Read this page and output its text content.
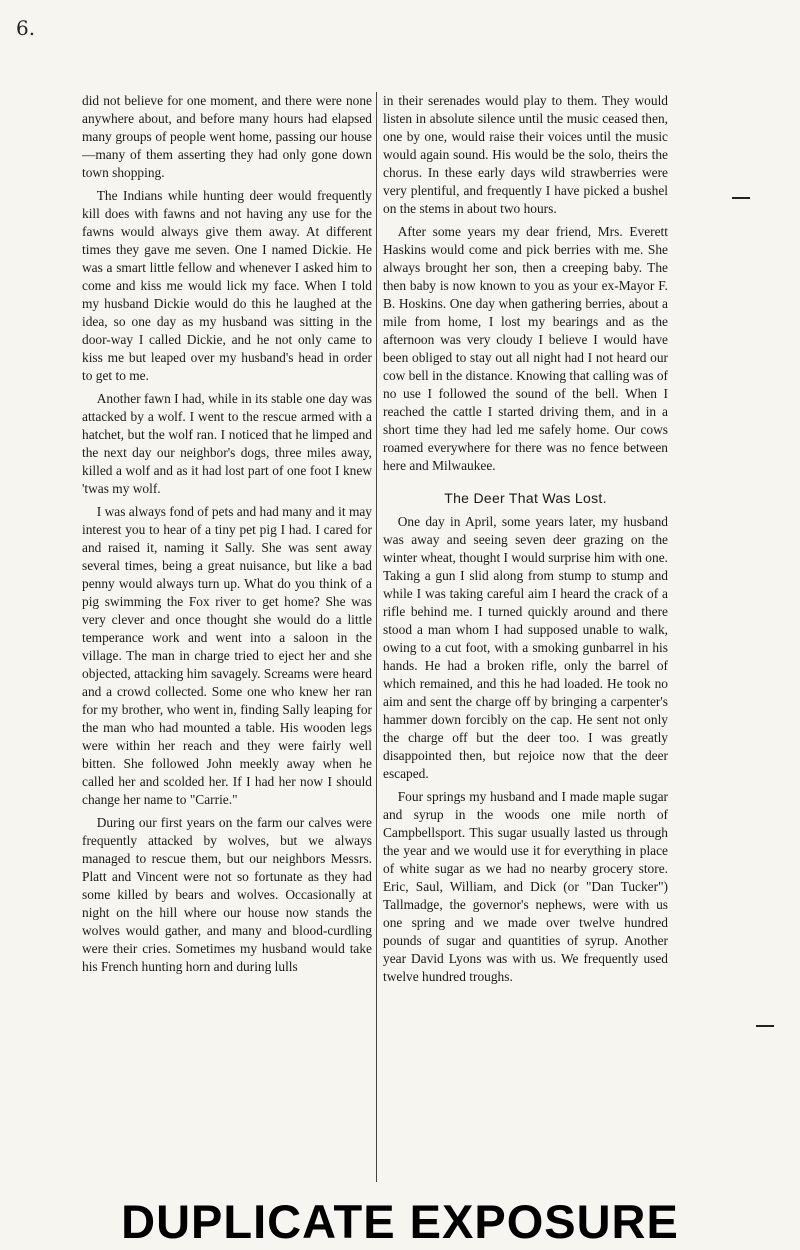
6.

did not believe for one moment, and there were none anywhere about, and before many hours had elapsed many groups of people went home, passing our house—many of them asserting they had only gone down town shopping.

The Indians while hunting deer would frequently kill does with fawns and not having any use for the fawns would always give them away. At different times they gave me seven. One I named Dickie. He was a smart little fellow and whenever I asked him to come and kiss me would lick my face. When I told my husband Dickie would do this he laughed at the idea, so one day as my husband was sitting in the door-way I called Dickie, and he not only came to kiss me but leaped over my husband's head in order to get to me.

Another fawn I had, while in its stable one day was attacked by a wolf. I went to the rescue armed with a hatchet, but the wolf ran. I noticed that he limped and the next day our neighbor's dogs, three miles away, killed a wolf and as it had lost part of one foot I knew 'twas my wolf.

I was always fond of pets and had many and it may interest you to hear of a tiny pet pig I had. I cared for and raised it, naming it Sally. She was sent away several times, being a great nuisance, but like a bad penny would always turn up. What do you think of a pig swimming the Fox river to get home? She was very clever and once thought she would do a little temperance work and went into a saloon in the village. The man in charge tried to eject her and she objected, attacking him savagely. Screams were heard and a crowd collected. Some one who knew her ran for my brother, who went in, finding Sally leaping for the man who had mounted a table. His wooden legs were within her reach and they were fairly well bitten. She followed John meekly away when he called her and scolded her. If I had her now I should change her name to "Carrie."

During our first years on the farm our calves were frequently attacked by wolves, but we always managed to rescue them, but our neighbors Messrs. Platt and Vincent were not so fortunate as they had some killed by bears and wolves. Occasionally at night on the hill where our house now stands the wolves would gather, and many and blood-curdling were their cries. Sometimes my husband would take his French hunting horn and during lulls

in their serenades would play to them. They would listen in absolute silence until the music ceased then, one by one, would raise their voices until the music would again sound. His would be the solo, theirs the chorus. In these early days wild strawberries were very plentiful, and frequently I have picked a bushel on the stems in about two hours.

After some years my dear friend, Mrs. Everett Haskins would come and pick berries with me. She always brought her son, then a creeping baby. The then baby is now known to you as your ex-Mayor F. B. Hoskins. One day when gathering berries, about a mile from home, I lost my bearings and as the afternoon was very cloudy I believe I would have been obliged to stay out all night had I not heard our cow bell in the distance. Knowing that calling was of no use I followed the sound of the bell. When I reached the cattle I started driving them, and in a short time they had led me safely home. Our cows roamed everywhere for there was no fence between here and Milwaukee.

The Deer That Was Lost.

One day in April, some years later, my husband was away and seeing seven deer grazing on the winter wheat, thought I would surprise him with one. Taking a gun I slid along from stump to stump and while I was taking careful aim I heard the crack of a rifle behind me. I turned quickly around and there stood a man whom I had supposed unable to walk, owing to a cut foot, with a smoking gunbarrel in his hands. He had a broken rifle, only the barrel of which remained, and this he had loaded. He took no aim and sent the charge off by bringing a carpenter's hammer down forcibly on the cap. He sent not only the charge off but the deer too. I was greatly disappointed then, but rejoice now that the deer escaped.

Four springs my husband and I made maple sugar and syrup in the woods one mile north of Campbellsport. This sugar usually lasted us through the year and we would use it for everything in place of white sugar as we had no nearby grocery store. Eric, Saul, William, and Dick (or "Dan Tucker") Tallmadge, the governor's nephews, were with us one spring and we made over twelve hundred pounds of sugar and quantities of syrup. Another year David Lyons was with us. We frequently used twelve hundred troughs.

DUPLICATE EXPOSURE
